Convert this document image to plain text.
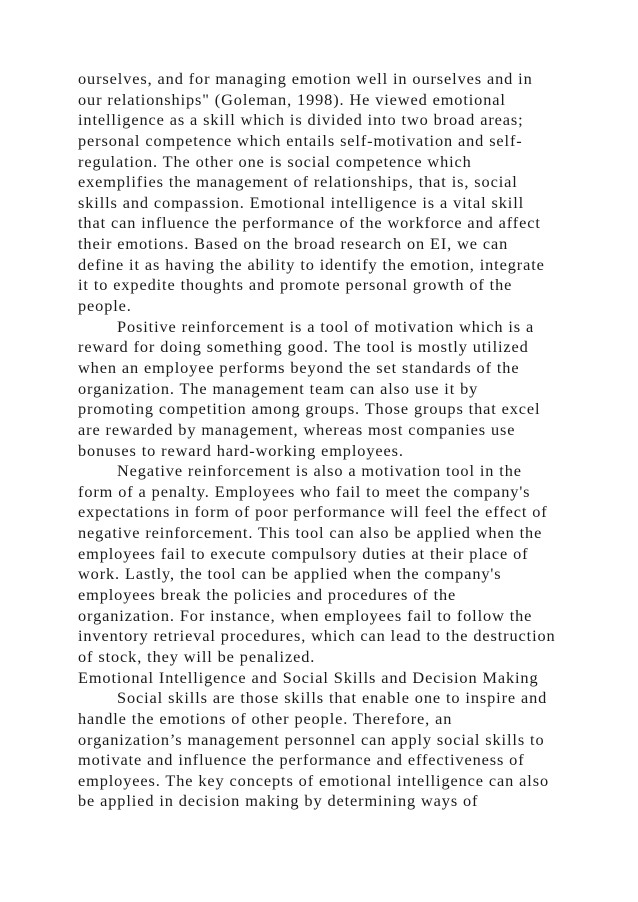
ourselves, and for managing emotion well in ourselves and in
our relationships" (Goleman, 1998). He viewed emotional
intelligence as a skill which is divided into two broad areas;
personal competence which entails self-motivation and self-
regulation. The other one is social competence which
exemplifies the management of relationships, that is, social
skills and compassion. Emotional intelligence is a vital skill
that can influence the performance of the workforce and affect
their emotions. Based on the broad research on EI, we can
define it as having the ability to identify the emotion, integrate
it to expedite thoughts and promote personal growth of the
people.
Positive reinforcement is a tool of motivation which is a
reward for doing something good. The tool is mostly utilized
when an employee performs beyond the set standards of the
organization. The management team can also use it by
promoting competition among groups. Those groups that excel
are rewarded by management, whereas most companies use
bonuses to reward hard-working employees.
Negative reinforcement is also a motivation tool in the
form of a penalty. Employees who fail to meet the company's
expectations in form of poor performance will feel the effect of
negative reinforcement. This tool can also be applied when the
employees fail to execute compulsory duties at their place of
work. Lastly, the tool can be applied when the company's
employees break the policies and procedures of the
organization. For instance, when employees fail to follow the
inventory retrieval procedures, which can lead to the destruction
of stock, they will be penalized.
Emotional Intelligence and Social Skills and Decision Making
Social skills are those skills that enable one to inspire and
handle the emotions of other people. Therefore, an
organization’s management personnel can apply social skills to
motivate and influence the performance and effectiveness of
employees. The key concepts of emotional intelligence can also
be applied in decision making by determining ways of
